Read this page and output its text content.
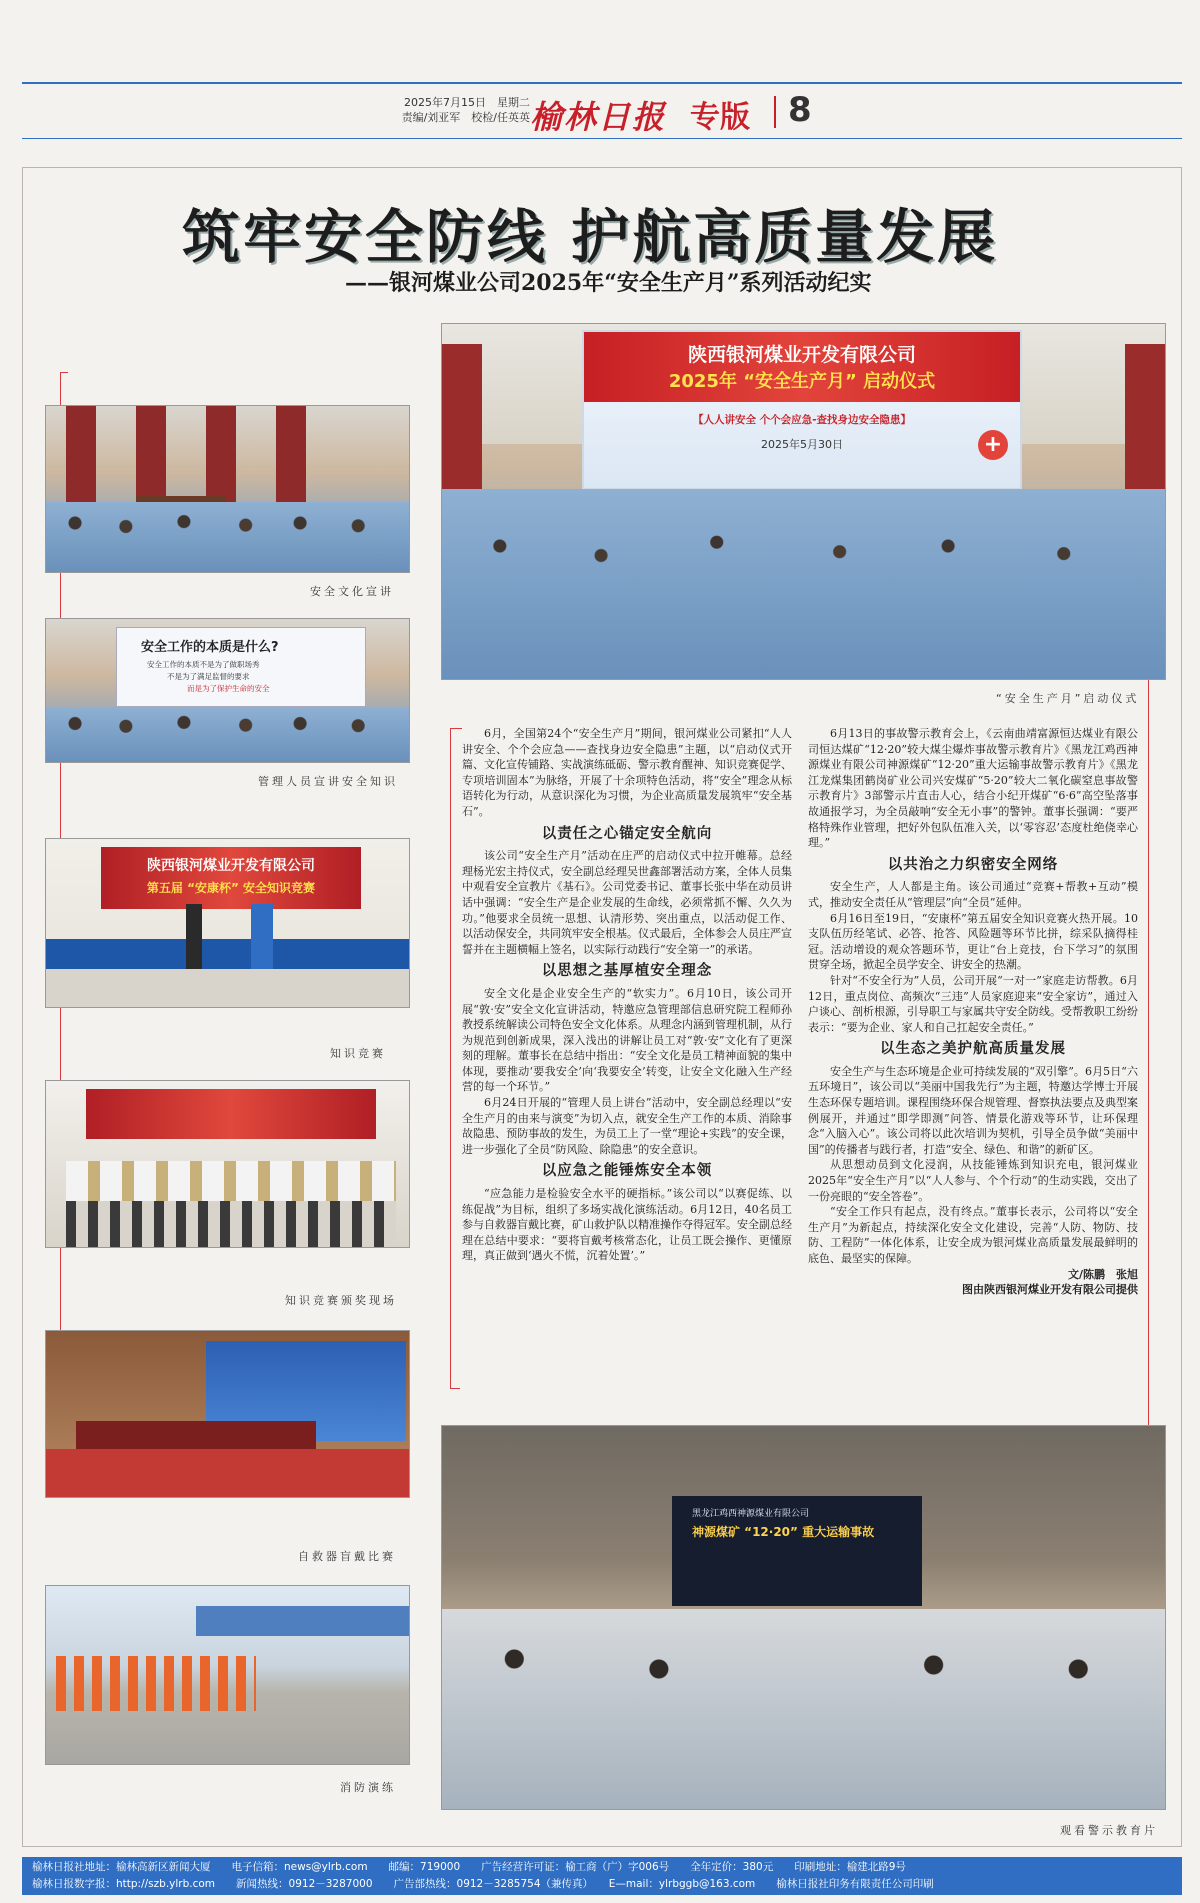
2025年7月15日　星期二
责编/刘亚军　校检/任英英 榆林日报 专版 8
筑牢安全防线 护航高质量发展
——银河煤业公司2025年“安全生产月”系列活动纪实
陕西银河煤业开发有限公司
2025年 “安全生产月” 启动仪式
【人人讲安全 个个会应急-查找身边安全隐患】
2025年5月30日	+
“安全生产月”启动仪式
安全文化宣讲
安全工作的本质是什么?
安全工作的本质不是为了做职场秀
不是为了满足监督的要求
而是为了保护生命的安全
管理人员宣讲安全知识
陕西银河煤业开发有限公司
第五届 “安康杯” 安全知识竞赛
知识竞赛
知识竞赛颁奖现场
自救器盲戴比赛
消防演练
黑龙江鸡西神源煤业有限公司
神源煤矿 “12·20” 重大运输事故
观看警示教育片

6月，全国第24个“安全生产月”期间，银河煤业公司紧扣“人人讲安全、个个会应急——查找身边安全隐患”主题，以“启动仪式开篇、文化宣传铺路、实战演练砥砺、警示教育醒神、知识竞赛促学、专项培训固本”为脉络，开展了十余项特色活动，将“安全”理念从标语转化为行动，从意识深化为习惯，为企业高质量发展筑牢“安全基石”。

以责任之心锚定安全航向

该公司“安全生产月”活动在庄严的启动仪式中拉开帷幕。总经理杨光宏主持仪式，安全副总经理吴世鑫部署活动方案，全体人员集中观看安全宣教片《基石》。公司党委书记、董事长张中华在动员讲话中强调：“安全生产是企业发展的生命线，必须常抓不懈、久久为功。”他要求全员统一思想、认清形势、突出重点，以活动促工作、以活动保安全，共同筑牢安全根基。仪式最后，全体参会人员庄严宣誓并在主题横幅上签名，以实际行动践行“安全第一”的承诺。

以思想之基厚植安全理念

安全文化是企业安全生产的“软实力”。6月10日，该公司开展“敦·安”安全文化宣讲活动，特邀应急管理部信息研究院工程师孙教授系统解读公司特色安全文化体系。从理念内涵到管理机制，从行为规范到创新成果，深入浅出的讲解让员工对“敦·安”文化有了更深刻的理解。董事长在总结中指出：“安全文化是员工精神面貌的集中体现，要推动‘要我安全’向‘我要安全’转变，让安全文化融入生产经营的每一个环节。”

6月24日开展的“管理人员上讲台”活动中，安全副总经理以“安全生产月的由来与演变”为切入点，就安全生产工作的本质、消除事故隐患、预防事故的发生，为员工上了一堂“理论+实践”的安全课，进一步强化了全员“防风险、除隐患”的安全意识。

以应急之能锤炼安全本领

“应急能力是检验安全水平的硬指标。”该公司以“以赛促练、以练促战”为目标，组织了多场实战化演练活动。6月12日，40名员工参与自救器盲戴比赛，矿山救护队以精准操作夺得冠军。安全副总经理在总结中要求：“要将盲戴考核常态化，让员工既会操作、更懂原理，真正做到‘遇火不慌，沉着处置’。”

6月13日的事故警示教育会上，《云南曲靖富源恒达煤业有限公司恒达煤矿“12·20”较大煤尘爆炸事故警示教育片》《黑龙江鸡西神源煤业有限公司神源煤矿“12·20”重大运输事故警示教育片》《黑龙江龙煤集团鹤岗矿业公司兴安煤矿“5·20”较大二氧化碳窒息事故警示教育片》3部警示片直击人心，结合小纪开煤矿“6·6”高空坠落事故通报学习，为全员敲响“安全无小事”的警钟。董事长强调：“要严格特殊作业管理，把好外包队伍准入关，以‘零容忍’态度杜绝侥幸心理。”

以共治之力织密安全网络

安全生产，人人都是主角。该公司通过“竞赛+帮教+互动”模式，推动安全责任从“管理层”向“全员”延伸。

6月16日至19日，“安康杯”第五届安全知识竞赛火热开展。10支队伍历经笔试、必答、抢答、风险题等环节比拼，综采队摘得桂冠。活动增设的观众答题环节，更让“台上竞技，台下学习”的氛围贯穿全场，掀起全员学安全、讲安全的热潮。

针对“不安全行为”人员，公司开展“一对一”家庭走访帮教。6月12日，重点岗位、高频次“三违”人员家庭迎来“安全家访”，通过入户谈心、剖析根源，引导职工与家属共守安全防线。受帮教职工纷纷表示：“要为企业、家人和自己扛起安全责任。”

以生态之美护航高质量发展

安全生产与生态环境是企业可持续发展的“双引擎”。6月5日“六五环境日”，该公司以“美丽中国我先行”为主题，特邀达学博士开展生态环保专题培训。课程围绕环保合规管理、督察执法要点及典型案例展开，并通过“即学即测”问答、情景化游戏等环节，让环保理念“入脑入心”。该公司将以此次培训为契机，引导全员争做“美丽中国”的传播者与践行者，打造“安全、绿色、和谐”的新矿区。

从思想动员到文化浸润，从技能锤炼到知识充电，银河煤业2025年“安全生产月”以“人人参与、个个行动”的生动实践，交出了一份亮眼的“安全答卷”。

“安全工作只有起点，没有终点。”董事长表示，公司将以“安全生产月”为新起点，持续深化安全文化建设，完善“人防、物防、技防、工程防”一体化体系，让安全成为银河煤业高质量发展最鲜明的底色、最坚实的保障。

文/陈鹏　张旭
图由陕西银河煤业开发有限公司提供
榆林日报社地址：榆林高新区新闻大厦　　电子信箱：news@ylrb.com　　邮编：719000　　广告经营许可证：榆工商（广）字006号　　全年定价：380元　　印刷地址：榆建北路9号
榆林日报数字报：http://szb.ylrb.com　　新闻热线：0912－3287000　　广告部热线：0912－3285754（兼传真）　　E—mail：ylrbggb@163.com　　榆林日报社印务有限责任公司印刷
